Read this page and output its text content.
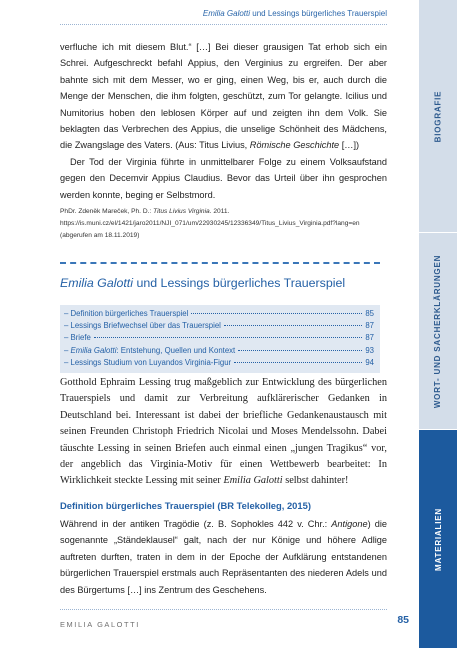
Emilia Galotti und Lessings bürgerliches Trauerspiel
BIOGRAFIE
WORT- UND SACHERKLÄRUNGEN
MATERIALIEN

verfluche ich mit diesem Blut.“ […] Bei dieser grausigen Tat erhob sich ein Schrei. Aufgeschreckt befahl Appius, den Verginius zu ergreifen. Der aber bahnte sich mit dem Messer, wo er ging, einen Weg, bis er, auch durch die Menge der Menschen, die ihm folgten, geschützt, zum Tor gelangte. Icilius und Numitorius hoben den leblosen Körper auf und zeigten ihn dem Volk. Sie beklagten das Verbrechen des Appius, die unselige Schönheit des Mädchens, die Zwangslage des Vaters. (Aus: Titus Livius, Römische Geschichte […])

Der Tod der Virginia führte in unmittelbarer Folge zu einem Volksaufstand gegen den Decemvir Appius Claudius. Bevor das Urteil über ihn gesprochen werden konnte, beging er Selbstmord.

PhDr. Zdeněk Mareček, Ph. D.: Titus Livius Virginia. 2011. https://is.muni.cz/el/1421/jaro2011/NJI_071/um/22930245/12336349/Titus_Livius_Virginia.pdf?lang=en (abgerufen am 18.11.2019)
Emilia Galotti und Lessings bürgerliches Trauerspiel
– Definition bürgerliches Trauerspiel	85
– Lessings Briefwechsel über das Trauerspiel	87
– Briefe	87
– Emilia Galotti: Entstehung, Quellen und Kontext	93
– Lessings Studium von Luyandos Virginia-Figur	94

Gotthold Ephraim Lessing trug maßgeblich zur Entwicklung des bürgerlichen Trauerspiels und damit zur Verbreitung aufklärerischer Gedanken in Deutschland bei. Interessant ist dabei der briefliche Gedankenaustausch mit seinen Freunden Christoph Friedrich Nicolai und Moses Mendelssohn. Dabei täuschte Lessing in seinen Briefen auch einmal einen „jungen Tragikus“ vor, der angeblich das Virginia-Motiv für einen Wettbewerb bearbeitet: In Wirklichkeit steckte Lessing mit seiner Emilia Galotti selbst dahinter!

Definition bürgerliches Trauerspiel (BR Telekolleg, 2015)

Während in der antiken Tragödie (z. B. Sophokles 442 v. Chr.: Antigone) die sogenannte „Ständeklausel“ galt, nach der nur Könige und höhere Adlige auftreten durften, traten in dem in der Epoche der Aufklärung entstandenen bürgerlichen Trauerspiel erstmals auch Repräsentanten des niederen Adels und des Bürgertums […] ins Zentrum des Geschehens.

EMILIA GALOTTI	85
